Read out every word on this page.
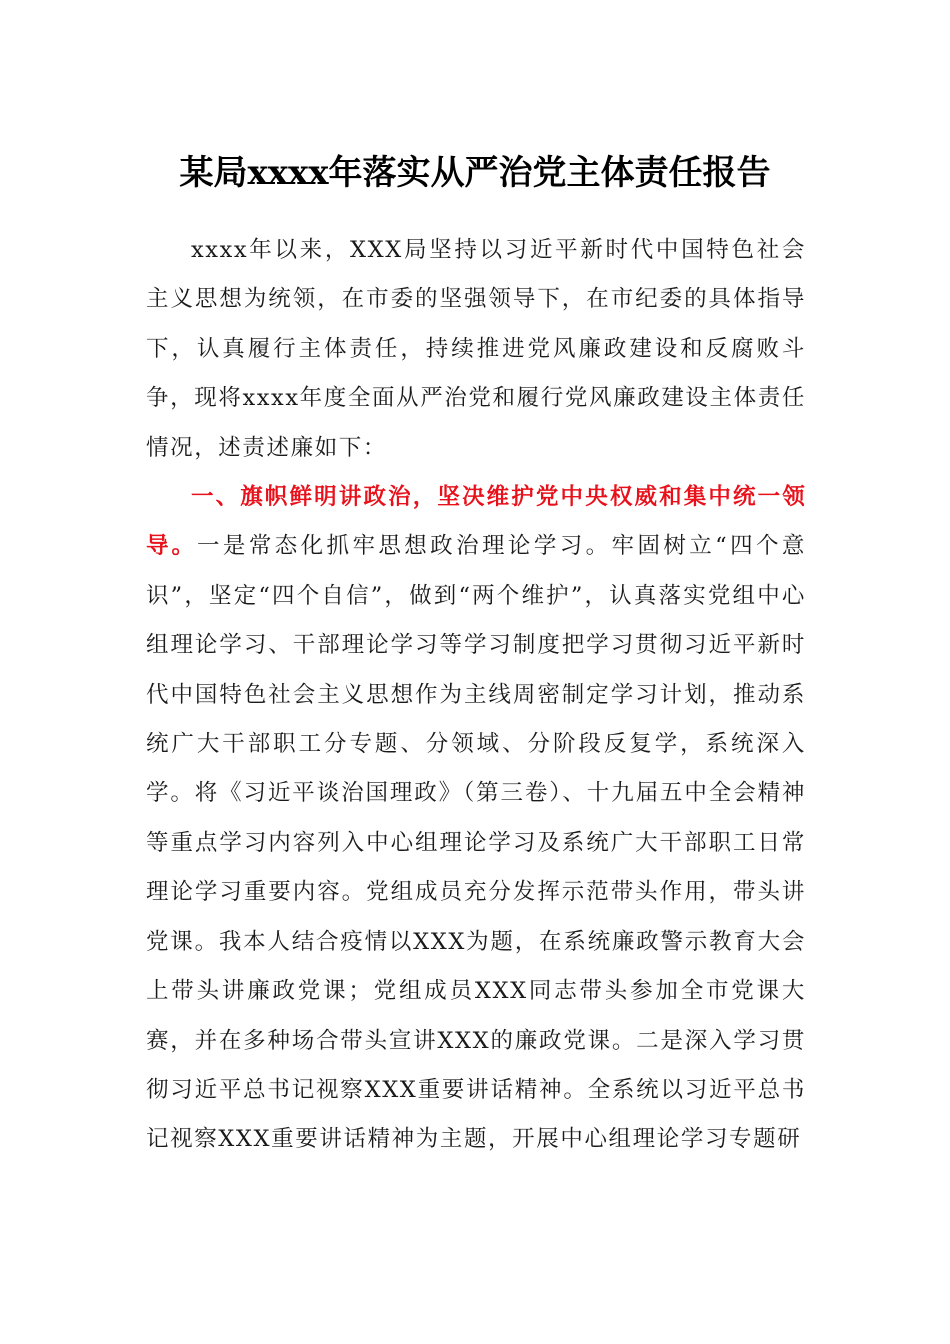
某局xxxx年落实从严治党主体责任报告

xxxx年以来，XXX局坚持以习近平新时代中国特色社会主义思想为统领，在市委的坚强领导下，在市纪委的具体指导下，认真履行主体责任，持续推进党风廉政建设和反腐败斗争，现将xxxx年度全面从严治党和履行党风廉政建设主体责任情况，述责述廉如下：

一、旗帜鲜明讲政治，坚决维护党中央权威和集中统一领导。一是常态化抓牢思想政治理论学习。牢固树立“四个意识”，坚定“四个自信”，做到“两个维护”，认真落实党组中心组理论学习、干部理论学习等学习制度把学习贯彻习近平新时代中国特色社会主义思想作为主线周密制定学习计划，推动系统广大干部职工分专题、分领域、分阶段反复学，系统深入学。将《习近平谈治国理政》（第三卷）、十九届五中全会精神等重点学习内容列入中心组理论学习及系统广大干部职工日常理论学习重要内容。党组成员充分发挥示范带头作用，带头讲党课。我本人结合疫情以XXX为题，在系统廉政警示教育大会上带头讲廉政党课；党组成员XXX同志带头参加全市党课大赛，并在多种场合带头宣讲XXX的廉政党课。二是深入学习贯彻习近平总书记视察XXX重要讲话精神。全系统以习近平总书记视察XXX重要讲话精神为主题，开展中心组理论学习专题研
